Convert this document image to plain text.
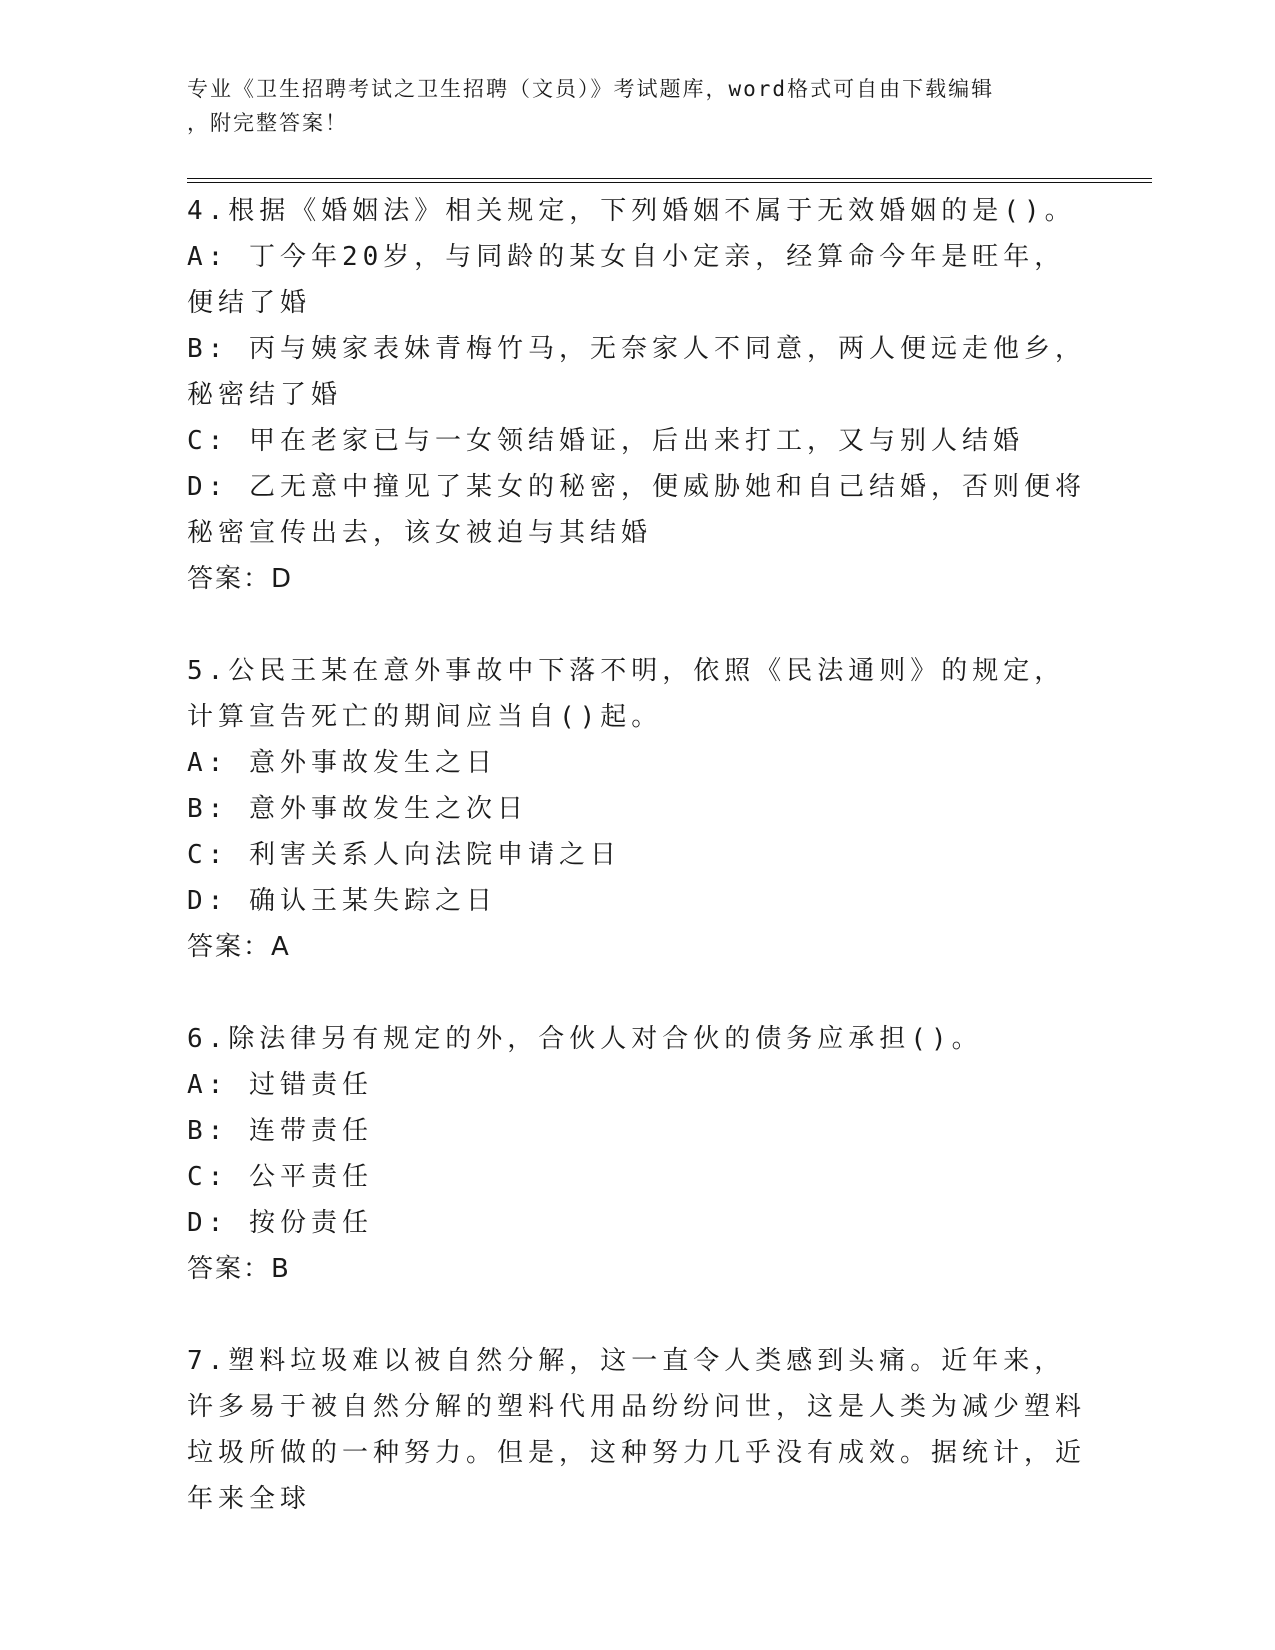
专业《卫生招聘考试之卫生招聘（文员）》考试题库，word格式可自由下载编辑
，附完整答案！

4.根据《婚姻法》相关规定，下列婚姻不属于无效婚姻的是()。

A: 丁今年20岁，与同龄的某女自小定亲，经算命今年是旺年，便结了婚

B: 丙与姨家表妹青梅竹马，无奈家人不同意，两人便远走他乡，秘密结了婚

C: 甲在老家已与一女领结婚证，后出来打工，又与别人结婚

D: 乙无意中撞见了某女的秘密，便威胁她和自己结婚，否则便将秘密宣传出去，该女被迫与其结婚

答案：D

5.公民王某在意外事故中下落不明，依照《民法通则》的规定，计算宣告死亡的期间应当自()起。

A: 意外事故发生之日

B: 意外事故发生之次日

C: 利害关系人向法院申请之日

D: 确认王某失踪之日

答案：A

6.除法律另有规定的外，合伙人对合伙的债务应承担()。

A: 过错责任

B: 连带责任

C: 公平责任

D: 按份责任

答案：B

7.塑料垃圾难以被自然分解，这一直令人类感到头痛。近年来，许多易于被自然分解的塑料代用品纷纷问世，这是人类为减少塑料垃圾所做的一种努力。但是，这种努力几乎没有成效。据统计，近年来全球
